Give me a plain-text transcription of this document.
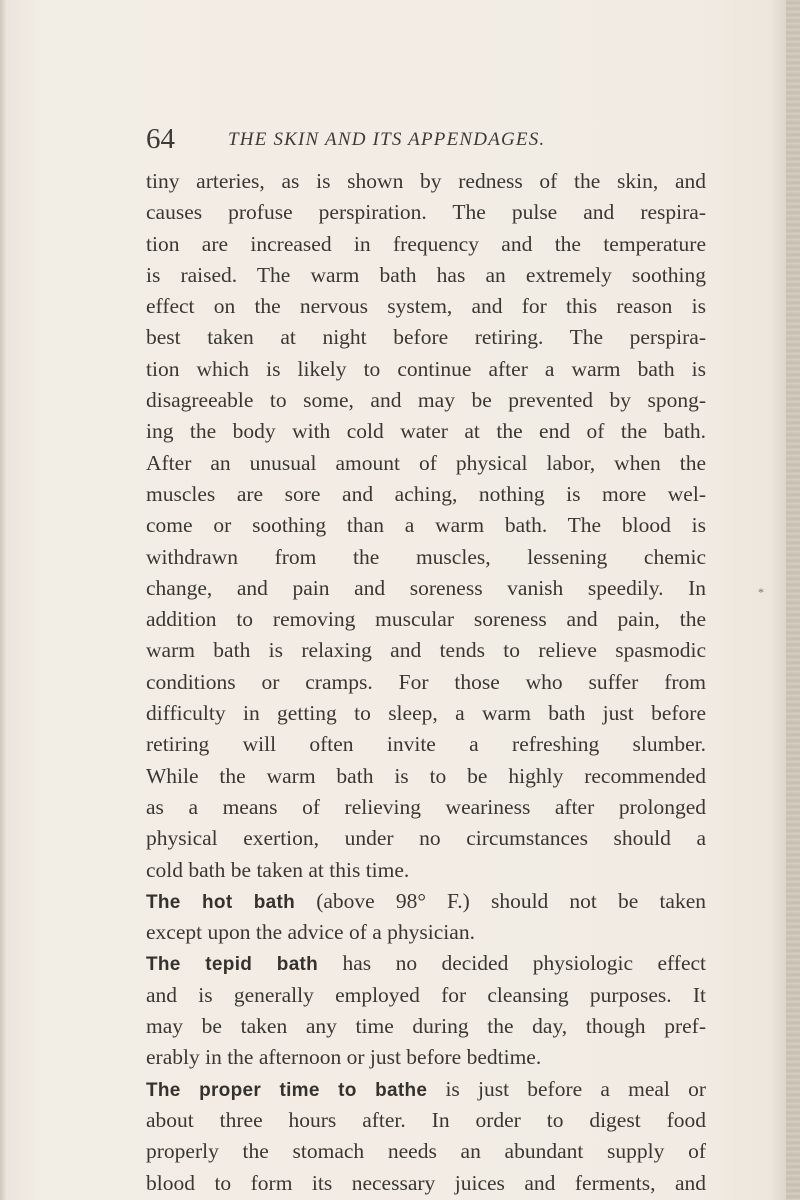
64	THE SKIN AND ITS APPENDAGES.
tiny arteries, as is shown by redness of the skin, and
causes profuse perspiration. The pulse and respira-
tion are increased in frequency and the temperature
is raised. The warm bath has an extremely soothing
effect on the nervous system, and for this reason is
best taken at night before retiring. The perspira-
tion which is likely to continue after a warm bath is
disagreeable to some, and may be prevented by spong-
ing the body with cold water at the end of the bath.
After an unusual amount of physical labor, when the
muscles are sore and aching, nothing is more wel-
come or soothing than a warm bath. The blood is
withdrawn from the muscles, lessening chemic
change, and pain and soreness vanish speedily. In
addition to removing muscular soreness and pain, the
warm bath is relaxing and tends to relieve spasmodic
conditions or cramps. For those who suffer from
difficulty in getting to sleep, a warm bath just before
retiring will often invite a refreshing slumber.
While the warm bath is to be highly recommended
as a means of relieving weariness after prolonged
physical exertion, under no circumstances should a
cold bath be taken at this time.
The hot bath (above 98° F.) should not be taken
except upon the advice of a physician.
The tepid bath has no decided physiologic effect
and is generally employed for cleansing purposes. It
may be taken any time during the day, though pref-
erably in the afternoon or just before bedtime.
The proper time to bathe is just before a meal or
about three hours after. In order to digest food
properly the stomach needs an abundant supply of
blood to form its necessary juices and ferments, and
*
